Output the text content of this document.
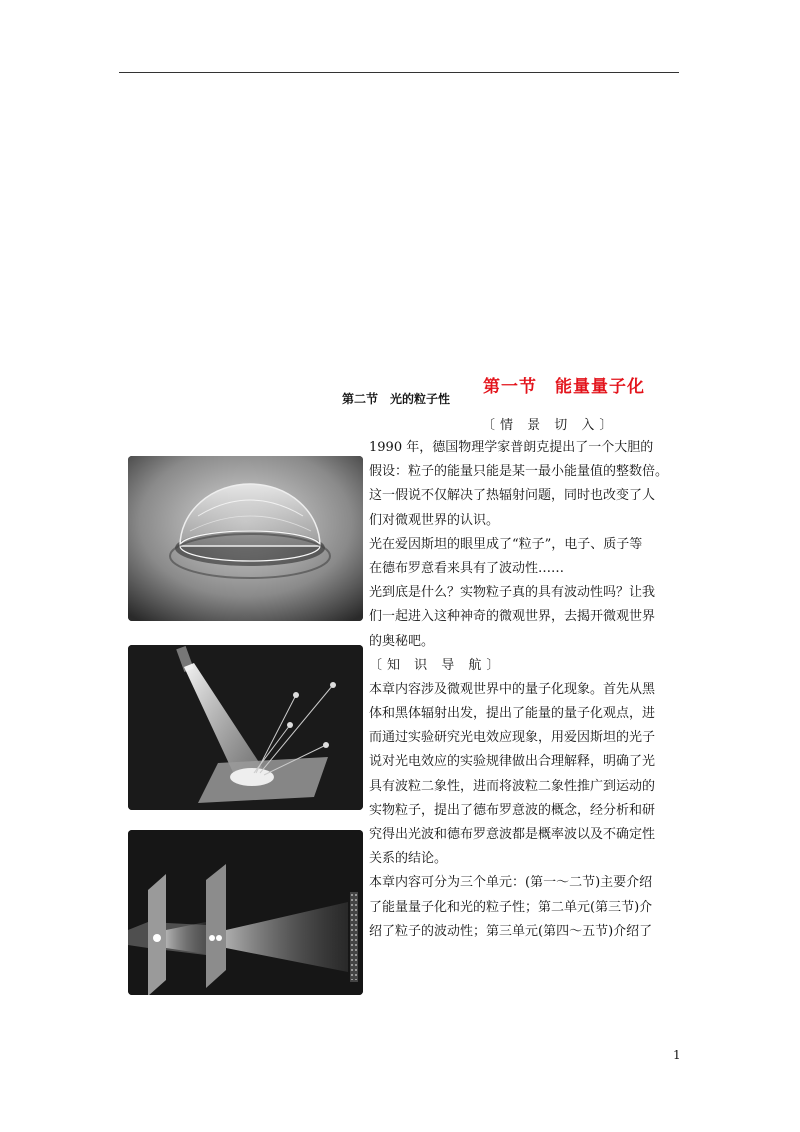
第一节　能量量子化
第二节　光的粒子性
〔情 景 切 入〕
1990 年，德国物理学家普朗克提出了一个大胆的
假设：粒子的能量只能是某一最小能量值的整数倍。
这一假说不仅解决了热辐射问题，同时也改变了人
们对微观世界的认识。
光在爱因斯坦的眼里成了“粒子”，电子、质子等
在德布罗意看来具有了波动性……
光到底是什么？实物粒子真的具有波动性吗？让我
们一起进入这种神奇的微观世界，去揭开微观世界
的奥秘吧。
〔知 识 导 航〕
本章内容涉及微观世界中的量子化现象。首先从黑
体和黑体辐射出发，提出了能量的量子化观点，进
而通过实验研究光电效应现象，用爱因斯坦的光子
说对光电效应的实验规律做出合理解释，明确了光
具有波粒二象性，进而将波粒二象性推广到运动的
实物粒子，提出了德布罗意波的概念，经分析和研
究得出光波和德布罗意波都是概率波以及不确定性
关系的结论。
本章内容可分为三个单元：(第一～二节)主要介绍
了能量量子化和光的粒子性；第二单元(第三节)介
绍了粒子的波动性；第三单元(第四～五节)介绍了
1
